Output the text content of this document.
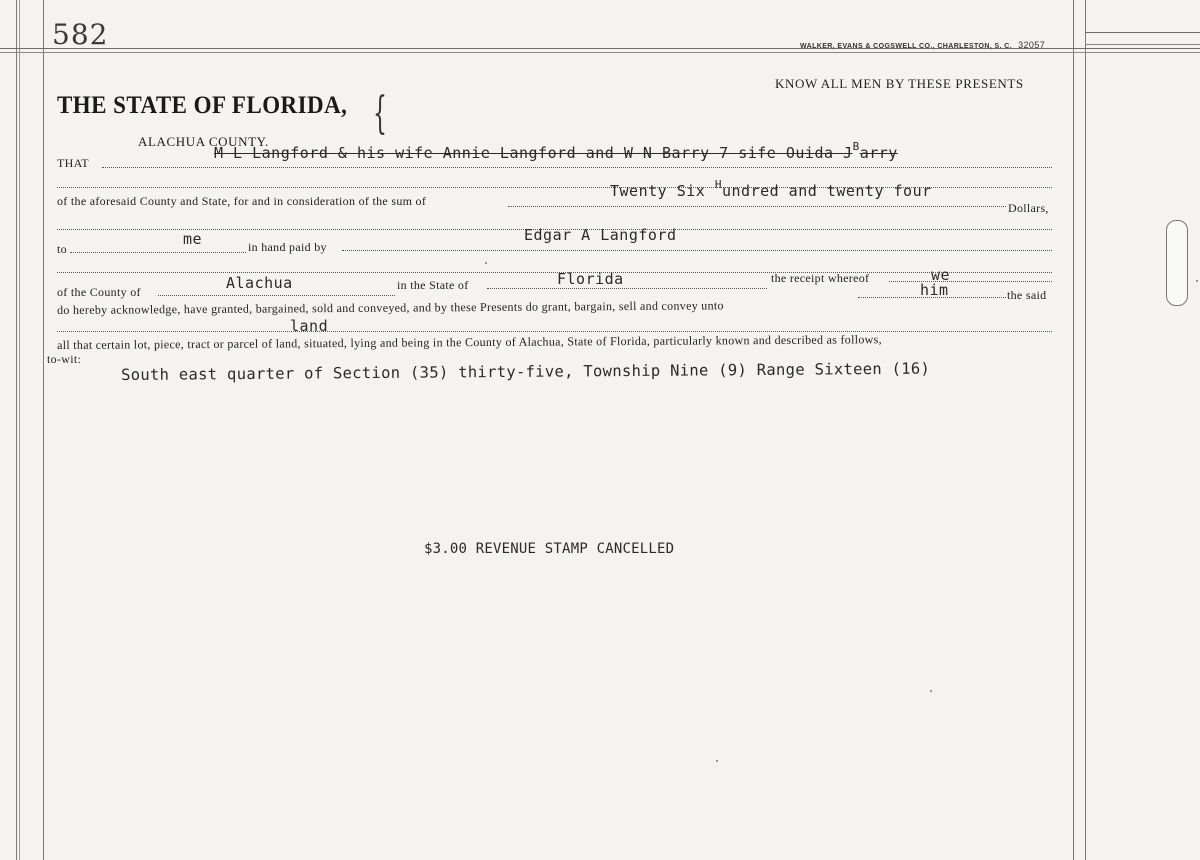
582	WALKER, EVANS & COGSWELL CO., CHARLESTON, S. C. 32057
KNOW ALL MEN BY THESE PRESENTS
THE STATE OF FLORIDA, {
ALACHUA COUNTY.
THAT
M L Langford & his wife Annie Langford and W N Barry 7 sife Ouida $J^Barry$
of the aforesaid County and State, for and in consideration of the sum of
Twenty Six $^H$undred and twenty four
Dollars,
to
me	in hand paid by
Edgar A Langford
of the County of	Alachua	in the State of	Florida	the receipt whereof	we
do hereby acknowledge, have granted, bargained, sold and conveyed, and by these Presents do grant, bargain, sell and convey unto
him	the said
land
all that certain lot, piece, tract or parcel of land, situated, lying and being in the County of Alachua, State of Florida, particularly known and described as follows,
to-wit:
South east quarter of Section (35) thirty-five, Township Nine (9) Range Sixteen (16)
$3.00 REVENUE STAMP CANCELLED
